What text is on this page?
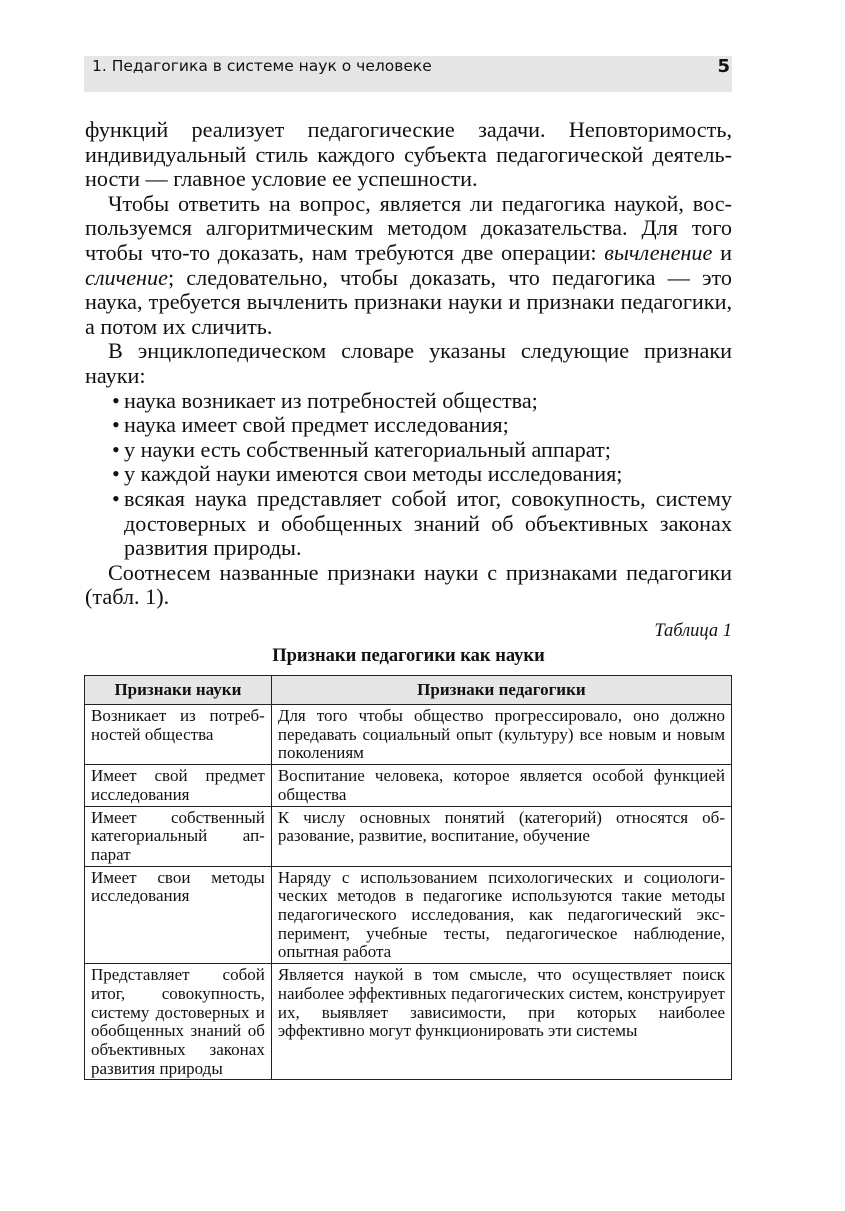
1. Педагогика в системе наук о человеке	5

функций реализует педагогические задачи. Неповторимость, индивидуальный стиль каждого субъекта педагогической деятельности — главное условие ее успешности.

Чтобы ответить на вопрос, является ли педагогика наукой, воспользуемся алгоритмическим методом доказательства. Для того чтобы что-то доказать, нам требуются две операции: вычленение и сличение; следовательно, чтобы доказать, что педагогика — это наука, требуется вычленить признаки науки и признаки педагогики, а потом их сличить.

В энциклопедическом словаре указаны следующие признаки науки:

• наука возникает из потребностей общества;
• наука имеет свой предмет исследования;
• у науки есть собственный категориальный аппарат;
• у каждой науки имеются свои методы исследования;
• всякая наука представляет собой итог, совокупность, систему достоверных и обобщенных знаний об объективных законах развития природы.

Соотнесем названные признаки науки с признаками педагогики (табл. 1).

Таблица 1
Признаки педагогики как науки
Признаки науки	Признаки педагогики
Возникает из потребностей общества	Для того чтобы общество прогрессировало, оно должно передавать социальный опыт (культуру) все новым и новым поколениям
Имеет свой предмет исследования	Воспитание человека, которое является особой функцией общества
Имеет собственный категориальный аппарат	К числу основных понятий (категорий) относятся образование, развитие, воспитание, обучение
Имеет свои методы исследования	Наряду с использованием психологических и социологических методов в педагогике используются такие методы педагогического исследования, как педагогический эксперимент, учебные тесты, педагогическое наблюдение, опытная работа
Представляет собой итог, совокупность, систему достоверных и обобщенных знаний об объективных законах развития природы	Является наукой в том смысле, что осуществляет поиск наиболее эффективных педагогических систем, конструирует их, выявляет зависимости, при которых наиболее эффективно могут функционировать эти системы
